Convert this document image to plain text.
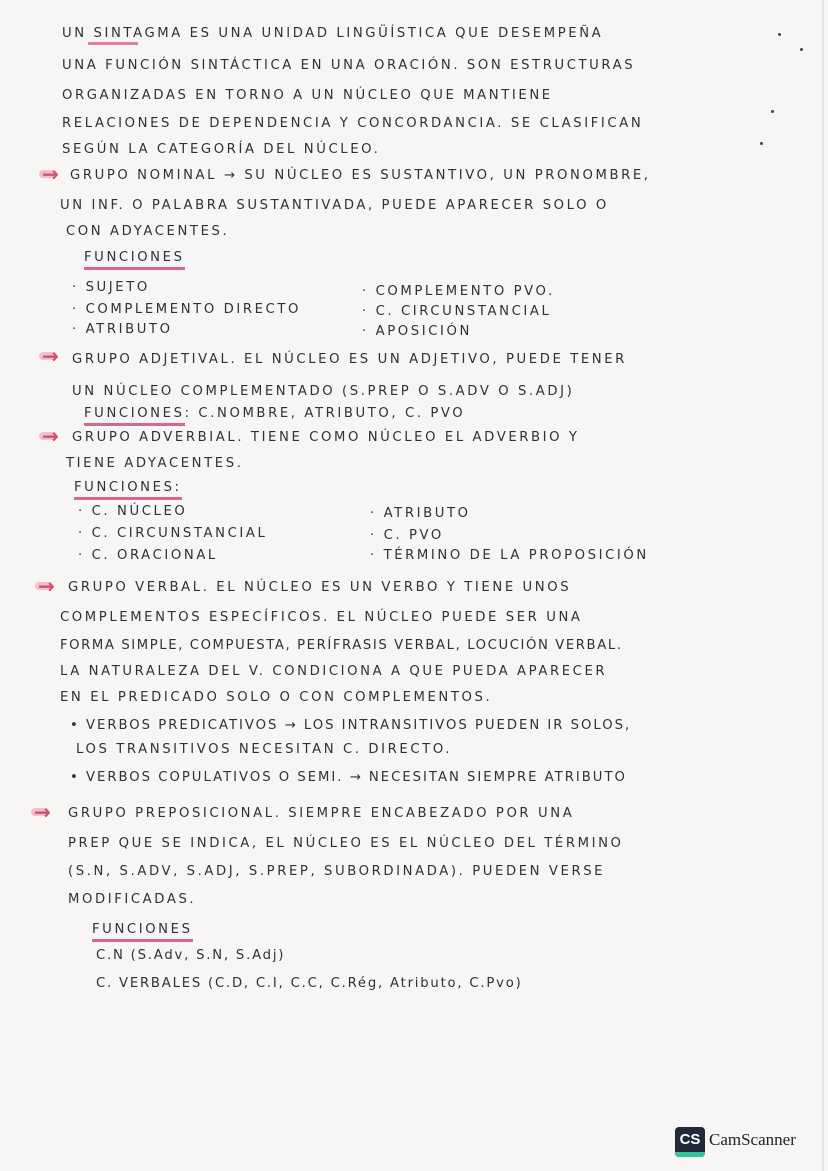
UN SINTAGMA ES UNA UNIDAD LINGÜÍSTICA QUE DESEMPEÑA
UNA FUNCIÓN SINTÁCTICA EN UNA ORACIÓN. SON ESTRUCTURAS
ORGANIZADAS EN TORNO A UN NÚCLEO QUE MANTIENE
RELACIONES DE DEPENDENCIA Y CONCORDANCIA. SE CLASIFICAN
SEGÚN LA CATEGORÍA DEL NÚCLEO.
→ GRUPO NOMINAL → SU NÚCLEO ES SUSTANTIVO, UN PRONOMBRE,
UN INF. O PALABRA SUSTANTIVADA, PUEDE APARECER SOLO O
CON ADYACENTES.
FUNCIONES
· SUJETO
· COMPLEMENTO DIRECTO
· ATRIBUTO
· COMPLEMENTO PVO.
· C. CIRCUNSTANCIAL
· APOSICIÓN
→ GRUPO ADJETIVAL. EL NÚCLEO ES UN ADJETIVO, PUEDE TENER
UN NÚCLEO COMPLEMENTADO (S.PREP O S.ADV O S.ADJ)
FUNCIONES: C.NOMBRE, ATRIBUTO, C. PVO
→ GRUPO ADVERBIAL. TIENE COMO NÚCLEO EL ADVERBIO Y
TIENE ADYACENTES.
FUNCIONES:
· C. NÚCLEO
· C. CIRCUNSTANCIAL
· C. ORACIONAL
· ATRIBUTO
· C. PVO
· TÉRMINO DE LA PROPOSICIÓN
→ GRUPO VERBAL. EL NÚCLEO ES UN VERBO Y TIENE UNOS
COMPLEMENTOS ESPECÍFICOS. EL NÚCLEO PUEDE SER UNA
FORMA SIMPLE, COMPUESTA, PERÍFRASIS VERBAL, LOCUCIÓN VERBAL.
LA NATURALEZA DEL V. CONDICIONA A QUE PUEDA APARECER
EN EL PREDICADO SOLO O CON COMPLEMENTOS.
• VERBOS PREDICATIVOS → LOS INTRANSITIVOS PUEDEN IR SOLOS,
LOS TRANSITIVOS NECESITAN C. DIRECTO.
• VERBOS COPULATIVOS O SEMI. → NECESITAN SIEMPRE ATRIBUTO
→ GRUPO PREPOSICIONAL. SIEMPRE ENCABEZADO POR UNA
PREP QUE SE INDICA, EL NÚCLEO ES EL NÚCLEO DEL TÉRMINO
(S.N, S.ADV, S.ADJ, S.PREP, SUBORDINADA). PUEDEN VERSE
MODIFICADAS.
FUNCIONES
C.N (S.Adv, S.N, S.Adj)
C. VERBALES (C.D, C.I, C.C, C.Rég, Atributo, C.Pvo)
CS CamScanner
